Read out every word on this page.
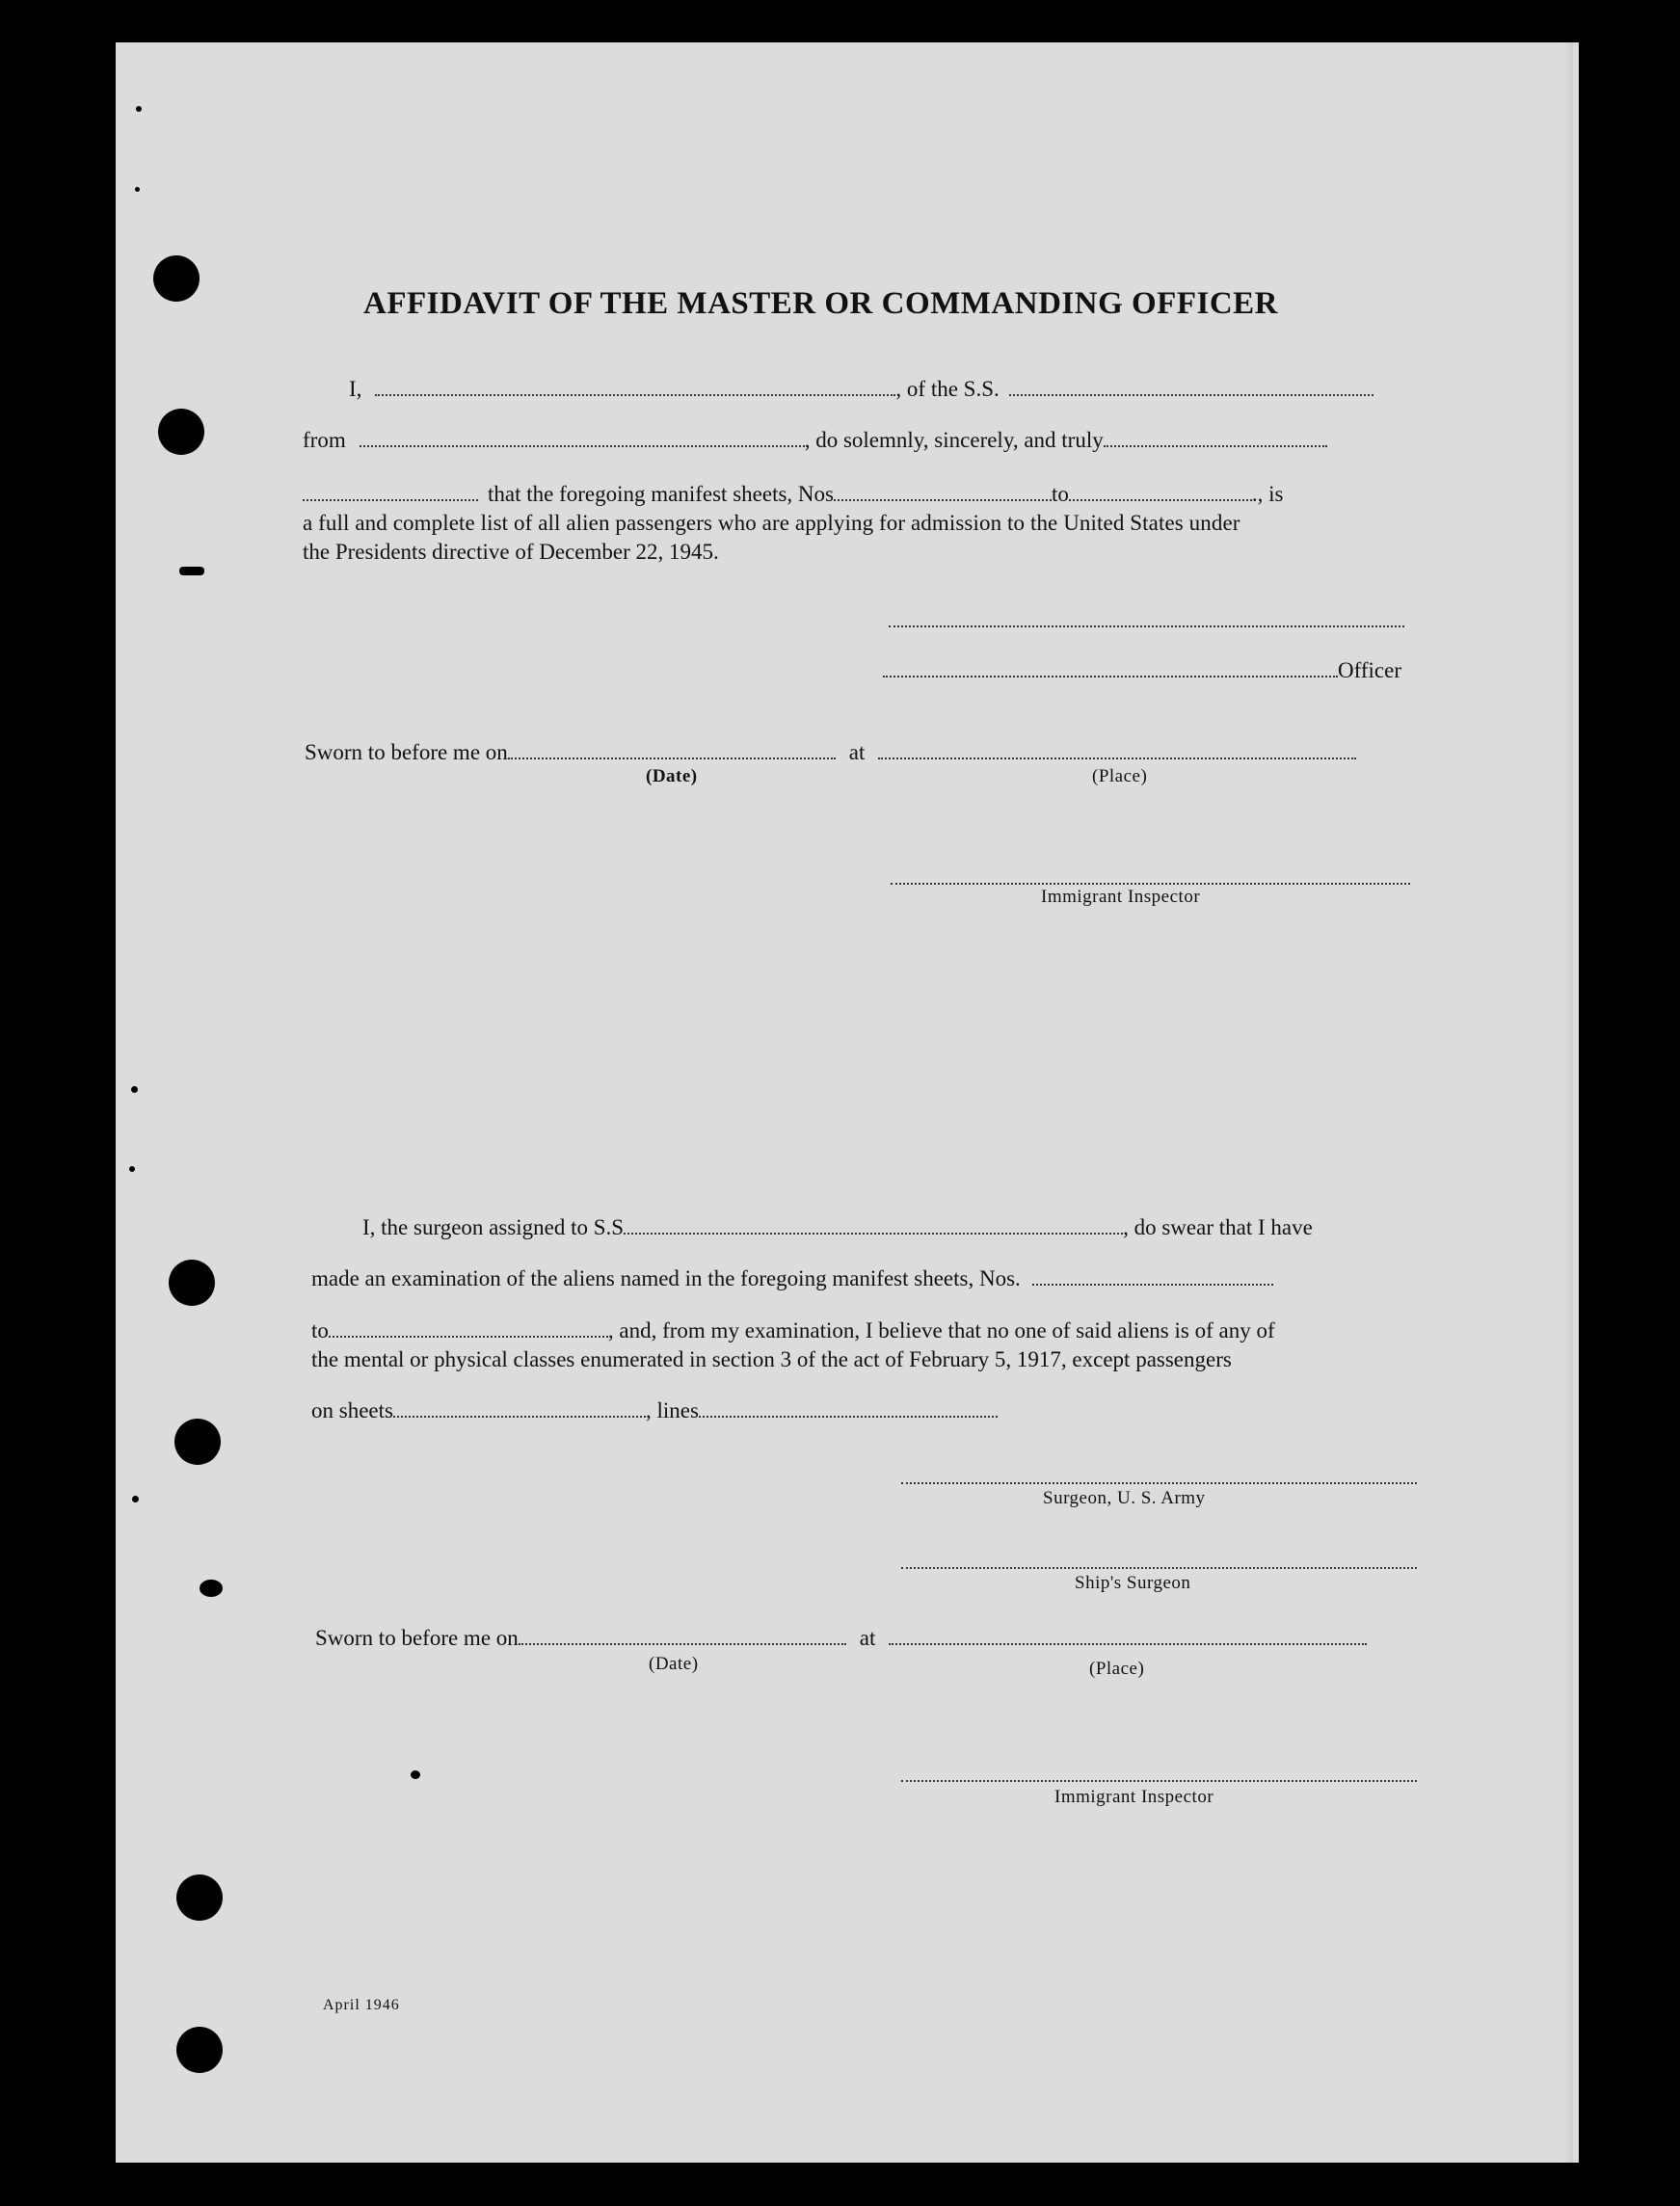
AFFIDAVIT OF THE MASTER OR COMMANDING OFFICER
I,	, of the S.S.
from	, do solemnly, sincerely, and truly
that the foregoing manifest sheets, Nos	to	., is
a full and complete list of all alien passengers who are applying for admission to the United States under
the Presidents directive of December 22, 1945.
Officer
Sworn to before me on	at
(Date)	(Place)
Immigrant Inspector
I, the surgeon assigned to S.S	, do swear that I have
made an examination of the aliens named in the foregoing manifest sheets, Nos.
to	, and, from my examination, I believe that no one of said aliens is of any of
the mental or physical classes enumerated in section 3 of the act of February 5, 1917, except passengers
on sheets	, lines
Surgeon, U. S. Army
Ship's Surgeon
Sworn to before me on	at
(Date)	(Place)
Immigrant Inspector
April 1946
